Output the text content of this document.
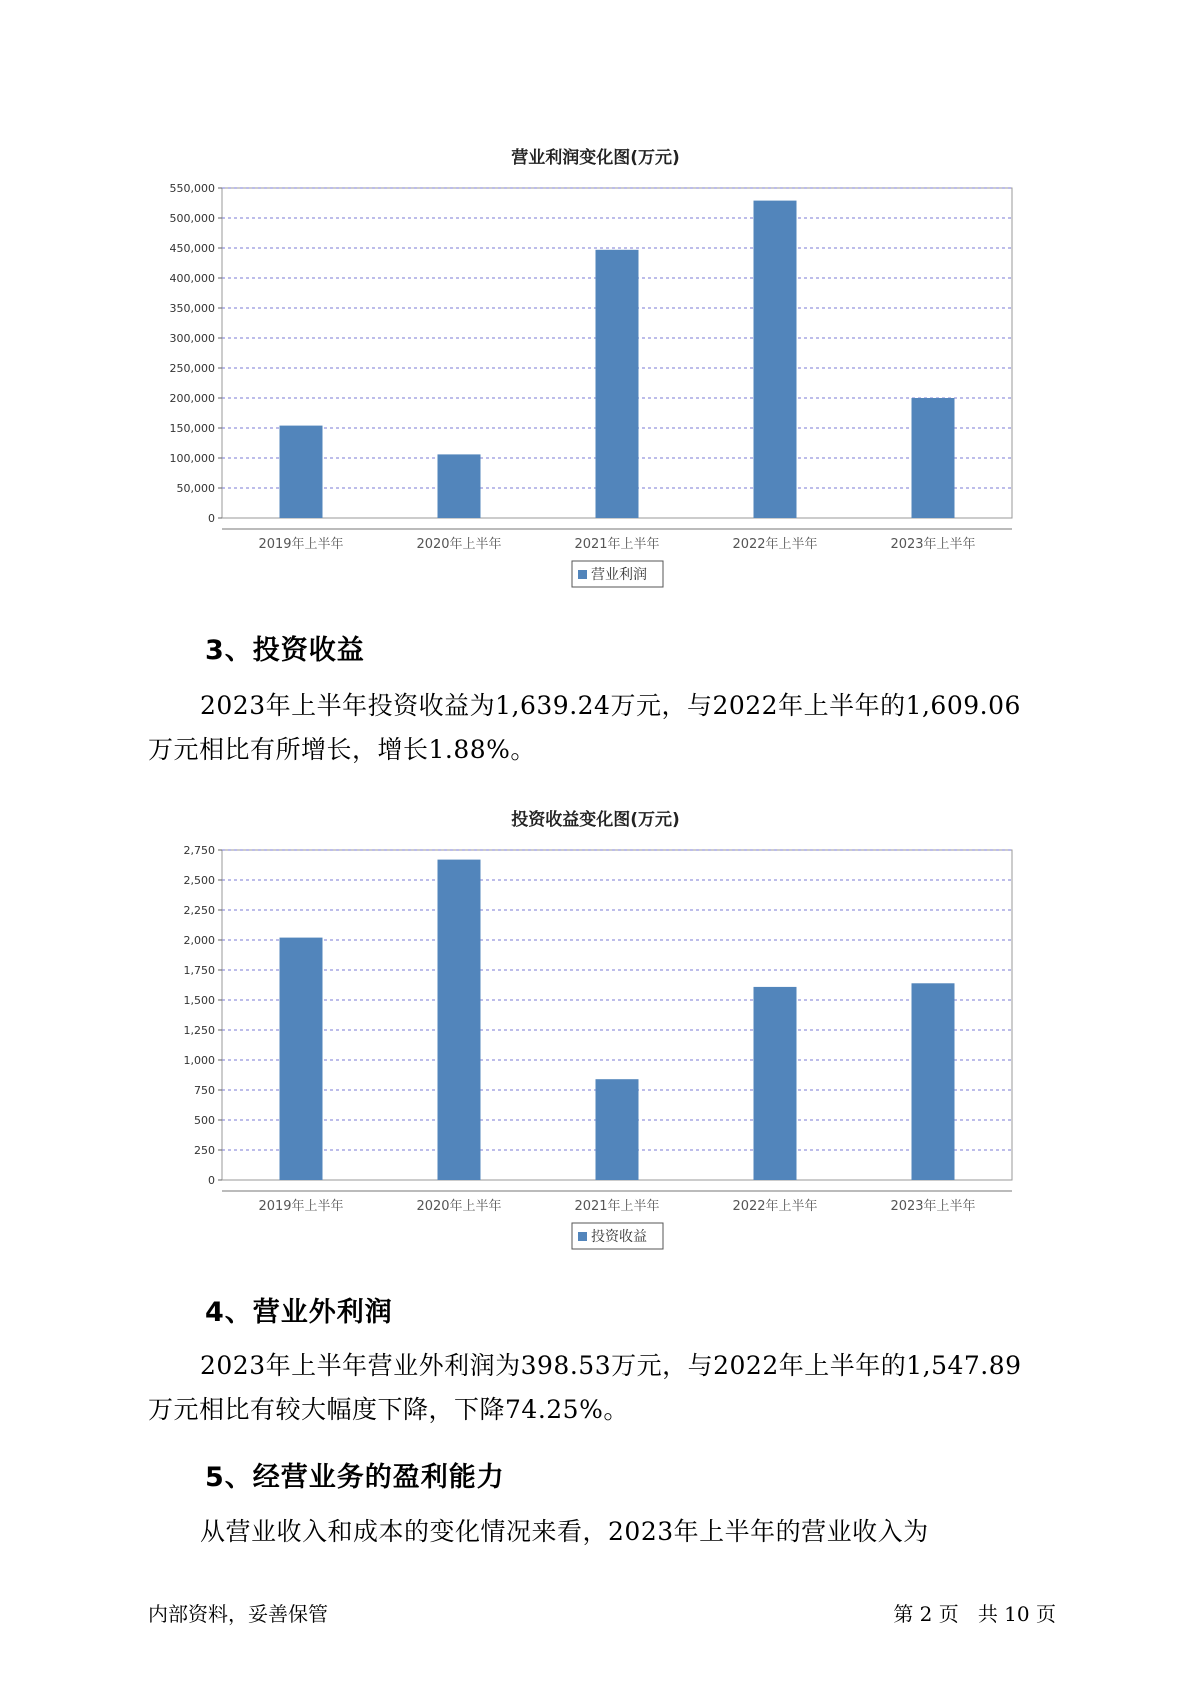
营业利润变化图(万元)
0
50,000
100,000
150,000
200,000
250,000
300,000
350,000
400,000
450,000
500,000
550,000
2019年上半年	2020年上半年	2021年上半年	2022年上半年	2023年上半年
营业利润
3、投资收益
2023年上半年投资收益为1,639.24万元，与2022年上半年的1,609.06
万元相比有所增长，增长1.88%。
投资收益变化图(万元)
0
250
500
750
1,000
1,250
1,500
1,750
2,000
2,250
2,500
2,750
2019年上半年	2020年上半年	2021年上半年	2022年上半年	2023年上半年
投资收益
4、营业外利润
2023年上半年营业外利润为398.53万元，与2022年上半年的1,547.89
万元相比有较大幅度下降，下降74.25%。
5、经营业务的盈利能力
从营业收入和成本的变化情况来看，2023年上半年的营业收入为
内部资料，妥善保管	第 2 页   共 10 页
